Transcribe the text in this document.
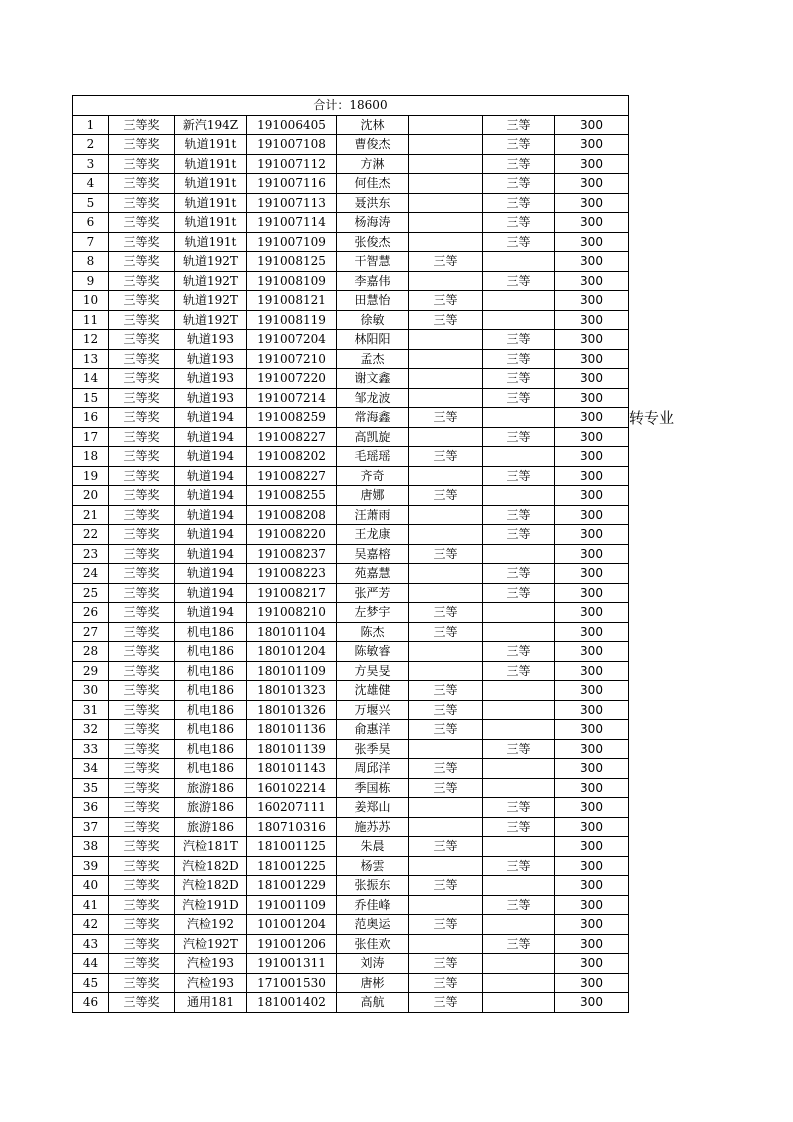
合计：18600							
1	三等奖	新汽194Z	191006405	沈林		三等	300
2	三等奖	轨道191t	191007108	曹俊杰		三等	300
3	三等奖	轨道191t	191007112	方淋		三等	300
4	三等奖	轨道191t	191007116	何佳杰		三等	300
5	三等奖	轨道191t	191007113	聂洪东		三等	300
6	三等奖	轨道191t	191007114	杨海涛		三等	300
7	三等奖	轨道191t	191007109	张俊杰		三等	300
8	三等奖	轨道192T	191008125	干智慧	三等		300
9	三等奖	轨道192T	191008109	李嘉伟		三等	300
10	三等奖	轨道192T	191008121	田慧怡	三等		300
11	三等奖	轨道192T	191008119	徐敏	三等		300
12	三等奖	轨道193	191007204	林阳阳		三等	300
13	三等奖	轨道193	191007210	孟杰		三等	300
14	三等奖	轨道193	191007220	谢文鑫		三等	300
15	三等奖	轨道193	191007214	邹龙波		三等	300
16	三等奖	轨道194	191008259	常海鑫	三等		300
17	三等奖	轨道194	191008227	高凯旋		三等	300
18	三等奖	轨道194	191008202	毛瑶瑶	三等		300
19	三等奖	轨道194	191008227	齐奇		三等	300
20	三等奖	轨道194	191008255	唐娜	三等		300
21	三等奖	轨道194	191008208	汪萧雨		三等	300
22	三等奖	轨道194	191008220	王龙康		三等	300
23	三等奖	轨道194	191008237	吴嘉榕	三等		300
24	三等奖	轨道194	191008223	苑嘉慧		三等	300
25	三等奖	轨道194	191008217	张严芳		三等	300
26	三等奖	轨道194	191008210	左梦宇	三等		300
27	三等奖	机电186	180101104	陈杰	三等		300
28	三等奖	机电186	180101204	陈敏睿		三等	300
29	三等奖	机电186	180101109	方昊旻		三等	300
30	三等奖	机电186	180101323	沈雄健	三等		300
31	三等奖	机电186	180101326	万堰兴	三等		300
32	三等奖	机电186	180101136	俞惠洋	三等		300
33	三等奖	机电186	180101139	张季昊		三等	300
34	三等奖	机电186	180101143	周邱洋	三等		300
35	三等奖	旅游186	160102214	季国栋	三等		300
36	三等奖	旅游186	160207111	姜郑山		三等	300
37	三等奖	旅游186	180710316	施苏苏		三等	300
38	三等奖	汽检181T	181001125	朱晨	三等		300
39	三等奖	汽检182D	181001225	杨雲		三等	300
40	三等奖	汽检182D	181001229	张振东	三等		300
41	三等奖	汽检191D	191001109	乔佳峰		三等	300
42	三等奖	汽检192	101001204	范奥运	三等		300
43	三等奖	汽检192T	191001206	张佳欢		三等	300
44	三等奖	汽检193	191001311	刘涛	三等		300
45	三等奖	汽检193	171001530	唐彬	三等		300
46	三等奖	通用181	181001402	高航	三等		300
转专业
